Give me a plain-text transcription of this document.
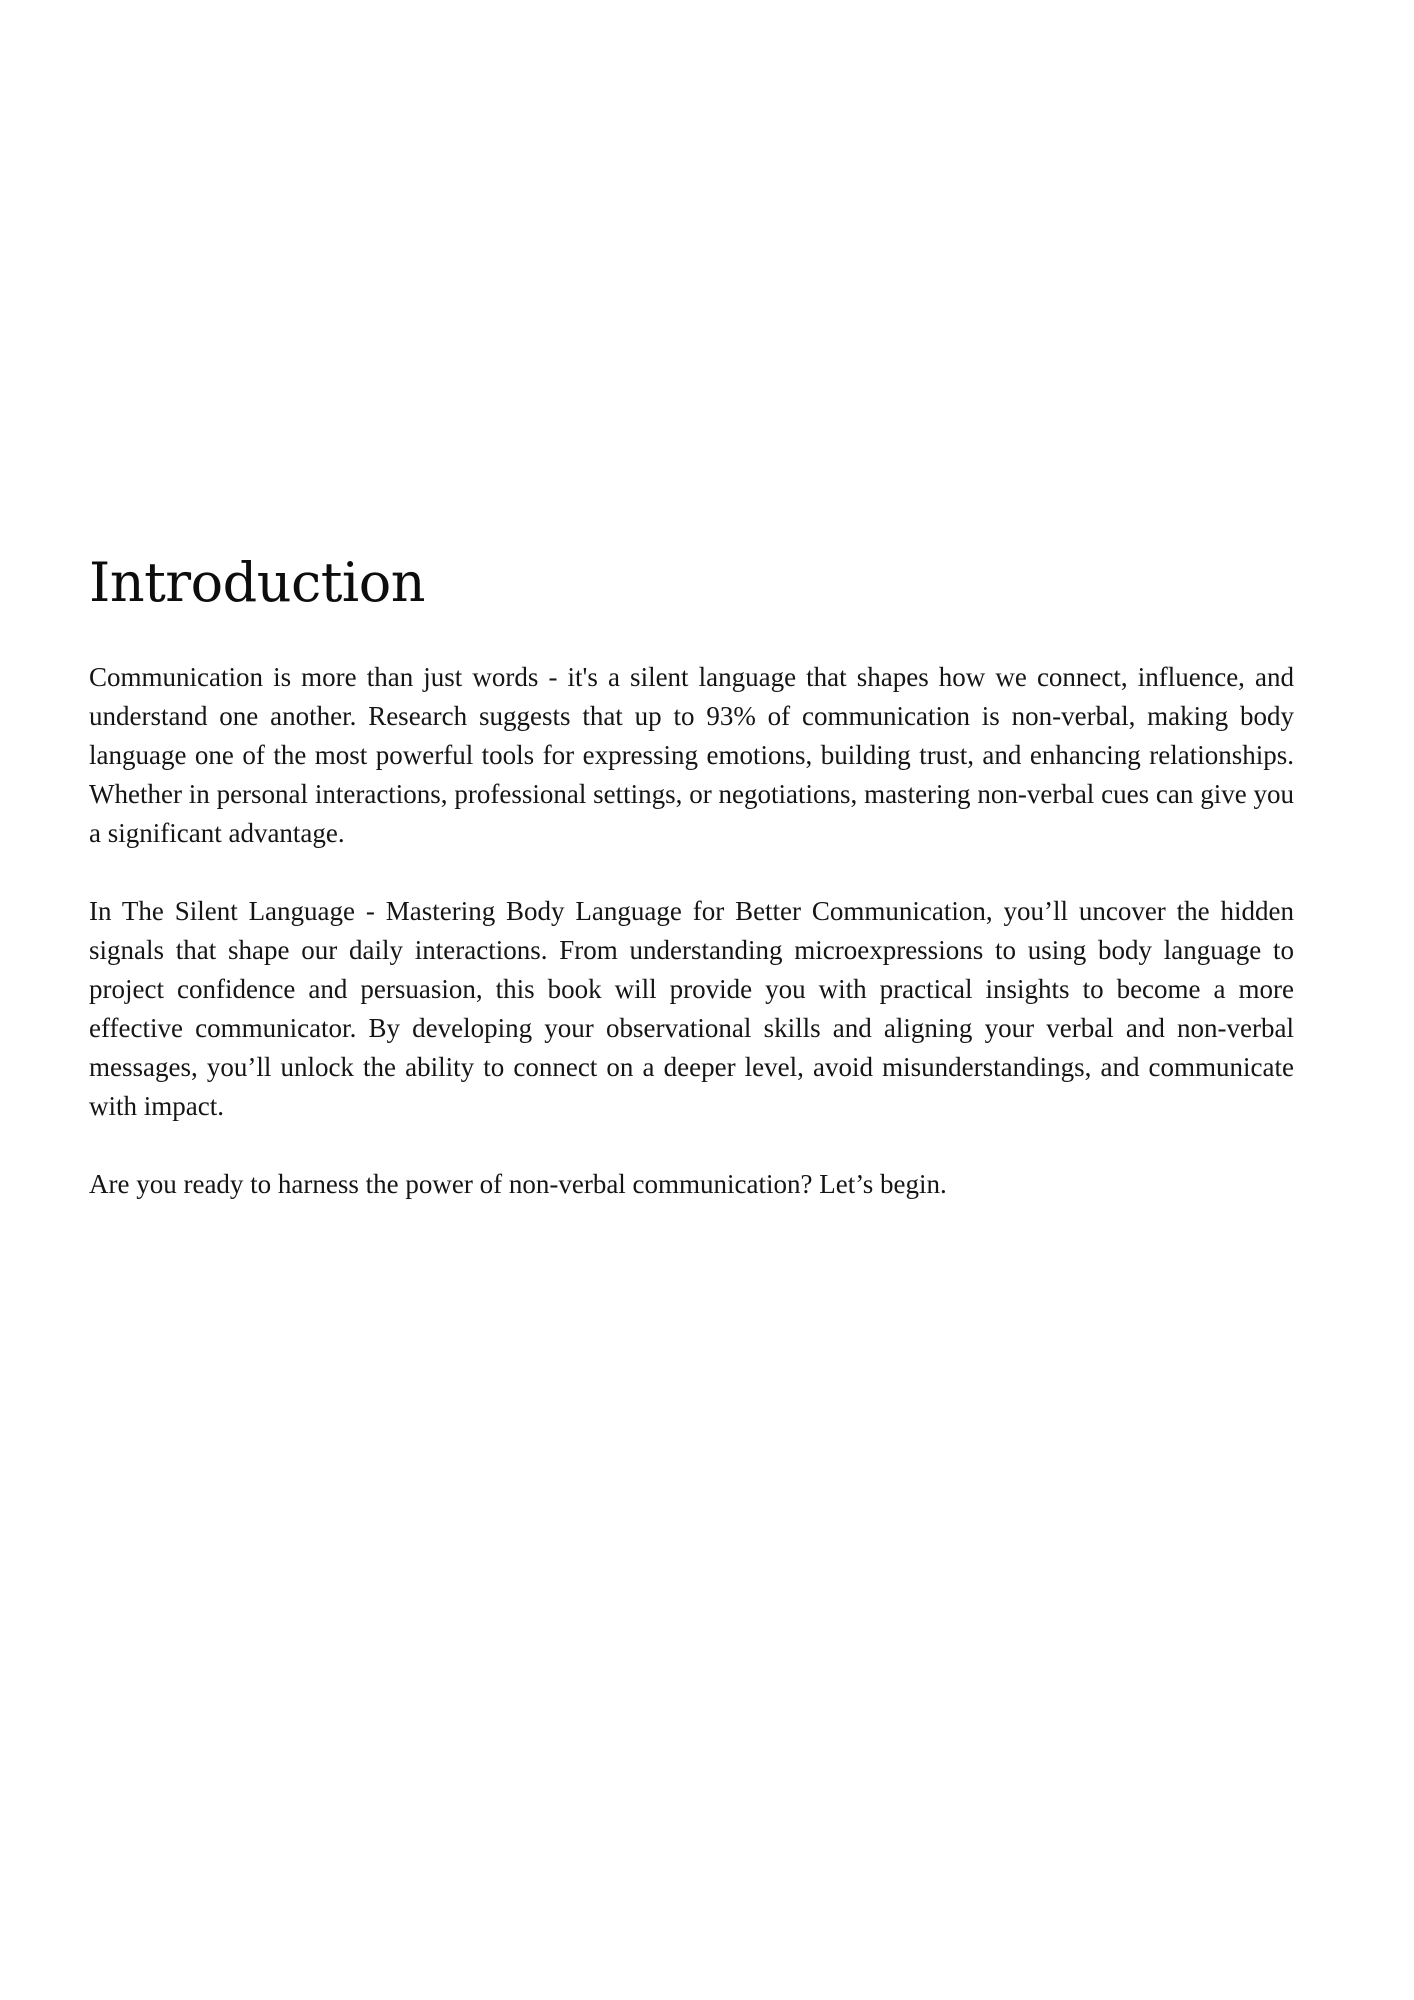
Introduction

Communication is more than just words - it's a silent language that shapes how we connect, influence, and understand one another. Research suggests that up to 93% of communication is non-verbal, making body language one of the most powerful tools for expressing emotions, building trust, and enhancing relationships. Whether in personal interactions, professional settings, or negotiations, mastering non-verbal cues can give you a significant advantage.

In The Silent Language - Mastering Body Language for Better Communication, you’ll uncover the hidden signals that shape our daily interactions. From understanding microexpressions to using body language to project confidence and persuasion, this book will provide you with practical insights to become a more effective communicator. By developing your observational skills and aligning your verbal and non-verbal messages, you’ll unlock the ability to connect on a deeper level, avoid misunderstandings, and communicate with impact.

Are you ready to harness the power of non-verbal communication? Let’s begin.
